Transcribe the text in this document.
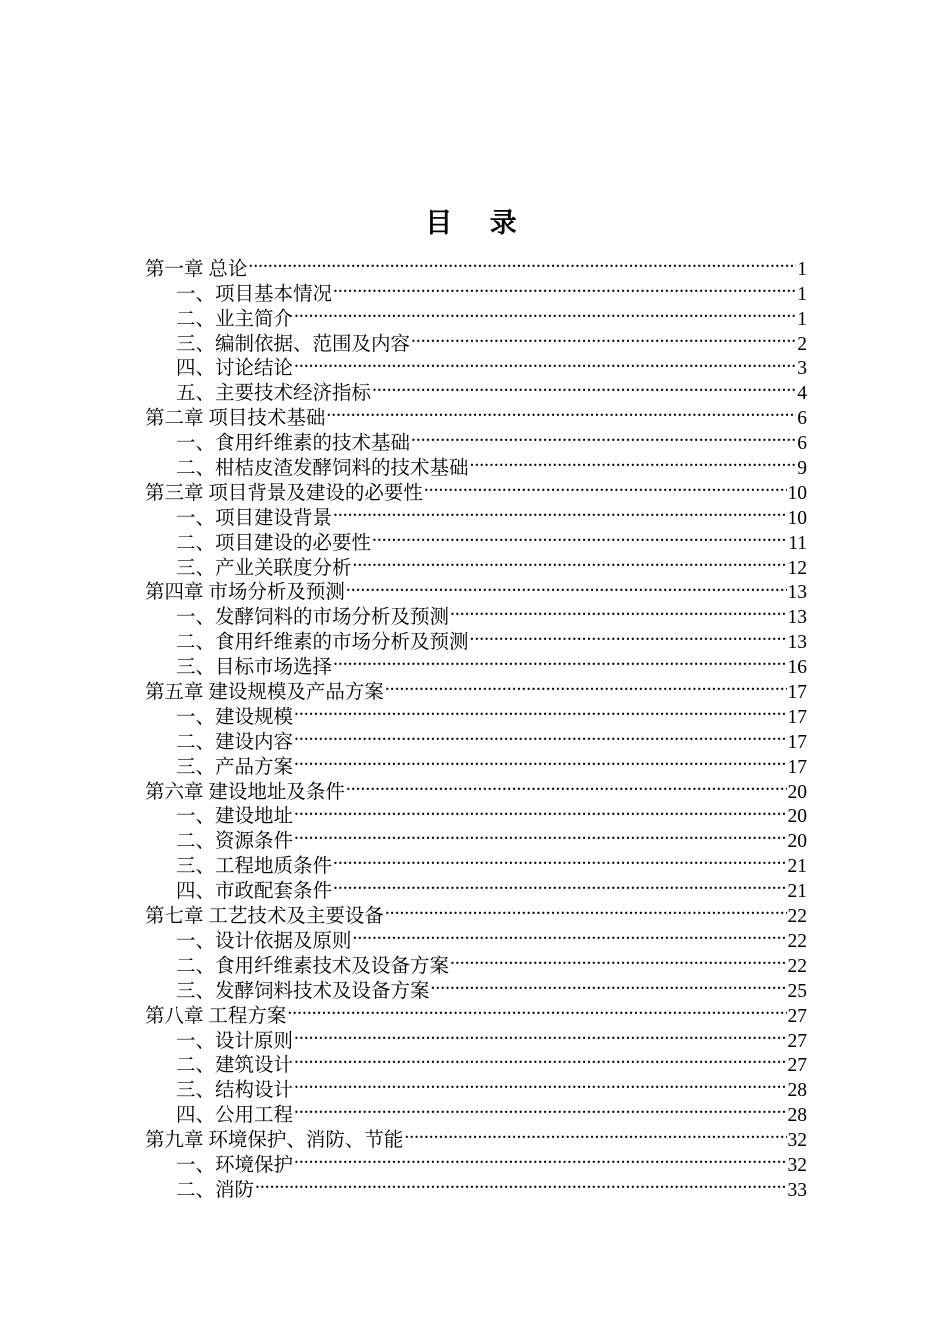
目 录
第一章 总论 .....	1
一、项目基本情况 .....	1
二、业主简介 .....	1
三、编制依据、范围及内容 .....	2
四、讨论结论 .....	3
五、主要技术经济指标 .....	4
第二章 项目技术基础 .....	6
一、食用纤维素的技术基础 .....	6
二、柑桔皮渣发酵饲料的技术基础 .....	9
第三章 项目背景及建设的必要性 .....	10
一、项目建设背景 .....	10
二、项目建设的必要性 .....	11
三、产业关联度分析 .....	12
第四章 市场分析及预测 .....	13
一、发酵饲料的市场分析及预测 .....	13
二、食用纤维素的市场分析及预测 .....	13
三、目标市场选择 .....	16
第五章 建设规模及产品方案 .....	17
一、建设规模 .....	17
二、建设内容 .....	17
三、产品方案 .....	17
第六章 建设地址及条件 .....	20
一、建设地址 .....	20
二、资源条件 .....	20
三、工程地质条件 .....	21
四、市政配套条件 .....	21
第七章 工艺技术及主要设备 .....	22
一、设计依据及原则 .....	22
二、食用纤维素技术及设备方案 .....	22
三、发酵饲料技术及设备方案 .....	25
第八章 工程方案 .....	27
一、设计原则 .....	27
二、建筑设计 .....	27
三、结构设计 .....	28
四、公用工程 .....	28
第九章 环境保护、消防、节能 .....	32
一、环境保护 .....	32
二、消防 .....	33
